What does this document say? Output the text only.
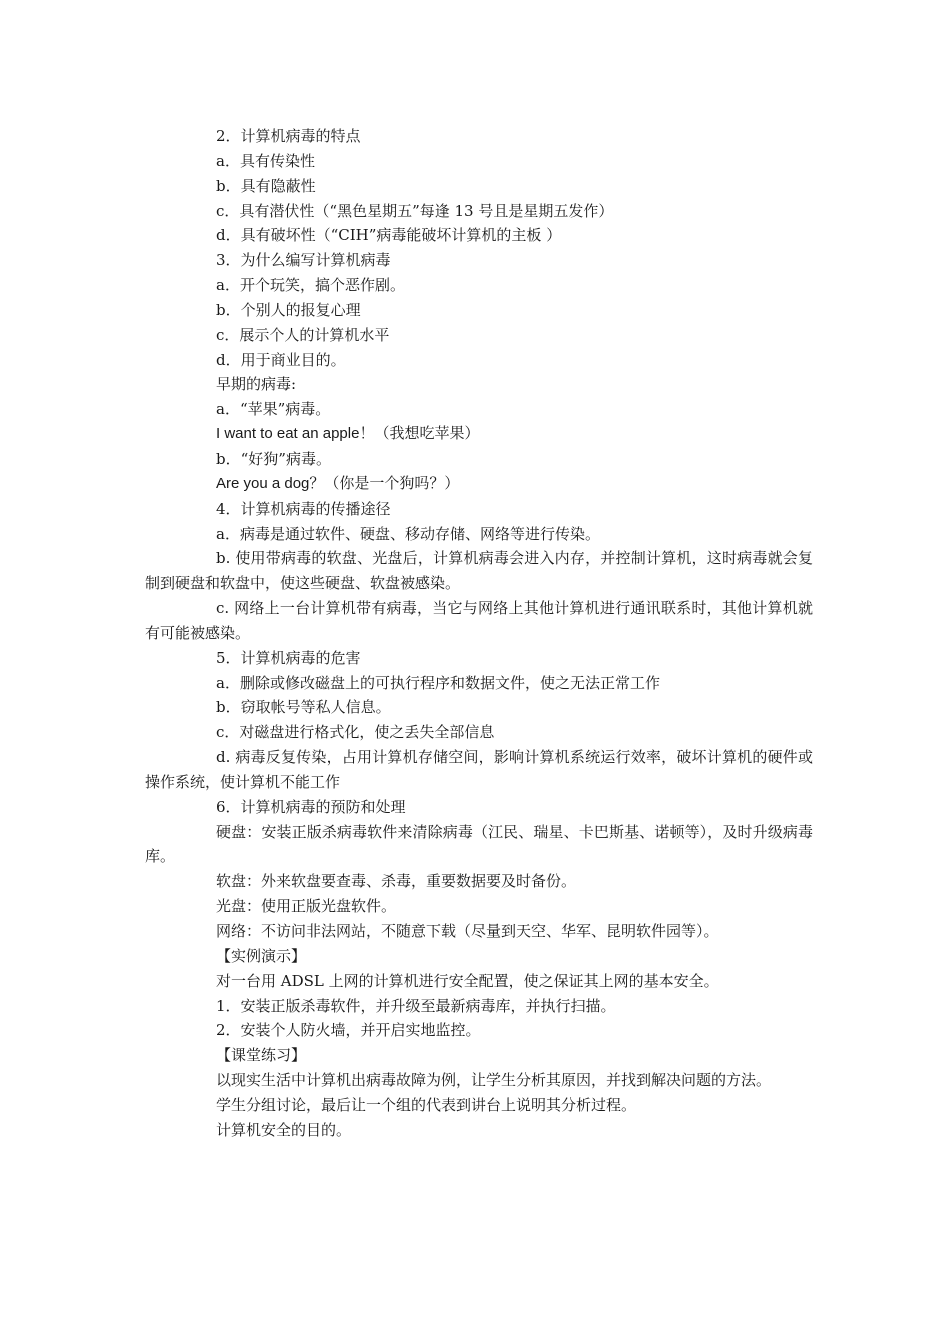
2．计算机病毒的特点

a．具有传染性

b．具有隐蔽性

c．具有潜伏性（“黑色星期五”每逢 13 号且是星期五发作）

d．具有破坏性（“CIH”病毒能破坏计算机的主板 ）

3．为什么编写计算机病毒

a．开个玩笑，搞个恶作剧。

b．个别人的报复心理

c．展示个人的计算机水平

d．用于商业目的。

早期的病毒:

a．“苹果”病毒。

I want to eat an apple！（我想吃苹果）

b．“好狗”病毒。

Are you a dog？（你是一个狗吗？）

4．计算机病毒的传播途径

a．病毒是通过软件、硬盘、移动存储、网络等进行传染。

b. 使用带病毒的软盘、光盘后，计算机病毒会进入内存，并控制计算机，这时病毒就会复制到硬盘和软盘中，使这些硬盘、软盘被感染。

c. 网络上一台计算机带有病毒，当它与网络上其他计算机进行通讯联系时，其他计算机就有可能被感染。

5．计算机病毒的危害

a．删除或修改磁盘上的可执行程序和数据文件，使之无法正常工作

b．窃取帐号等私人信息。

c．对磁盘进行格式化，使之丢失全部信息

d. 病毒反复传染，占用计算机存储空间，影响计算机系统运行效率，破坏计算机的硬件或操作系统，使计算机不能工作

6．计算机病毒的预防和处理

硬盘：安装正版杀病毒软件来清除病毒（江民、瑞星、卡巴斯基、诺顿等），及时升级病毒库。

软盘：外来软盘要查毒、杀毒，重要数据要及时备份。

光盘：使用正版光盘软件。

网络：不访问非法网站，不随意下载（尽量到天空、华军、昆明软件园等）。

【实例演示】

对一台用 ADSL 上网的计算机进行安全配置，使之保证其上网的基本安全。

1．安装正版杀毒软件，并升级至最新病毒库，并执行扫描。

2．安装个人防火墙，并开启实地监控。

【课堂练习】

以现实生活中计算机出病毒故障为例，让学生分析其原因，并找到解决问题的方法。

学生分组讨论，最后让一个组的代表到讲台上说明其分析过程。

计算机安全的目的。
